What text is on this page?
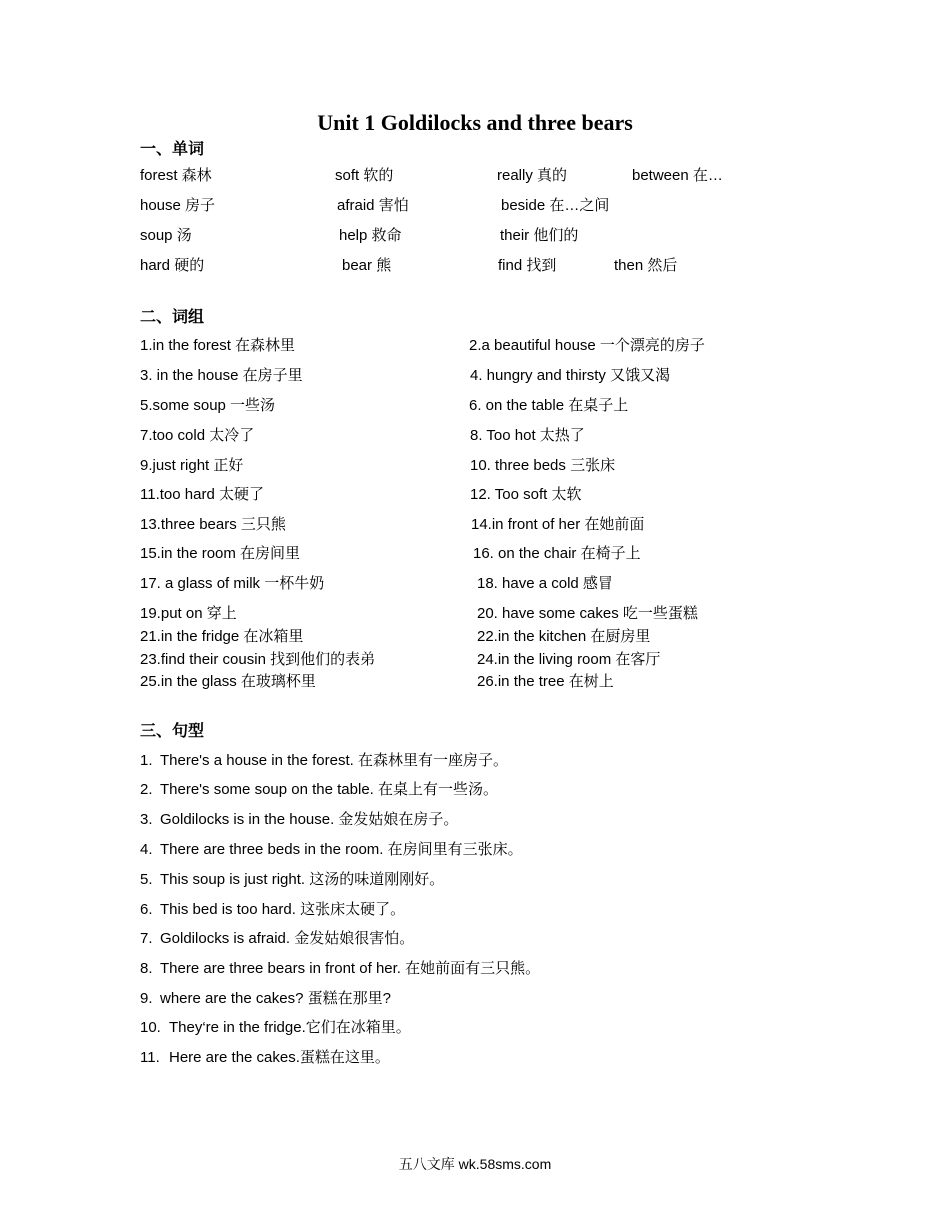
Unit 1 Goldilocks and three bears
一、单词
forest 森林	soft 软的	really 真的	between 在…
house 房子	afraid 害怕	beside 在…之间
soup 汤	help 救命	their 他们的
hard 硬的	bear 熊	find 找到	then 然后
二、词组
1.in the forest 在森林里	2.a beautiful house 一个漂亮的房子
3. in the house 在房子里	4. hungry and thirsty 又饿又渴
5.some soup 一些汤	6. on the table 在桌子上
7.too cold 太冷了	8. Too hot 太热了
9.just right 正好	10. three beds 三张床
11.too hard 太硬了	12. Too soft 太软
13.three bears 三只熊	14.in front of her 在她前面
15.in the room 在房间里	16. on the chair 在椅子上
17. a glass of milk 一杯牛奶	18. have a cold 感冒
19.put on 穿上	20. have some cakes 吃一些蛋糕
21.in the fridge 在冰箱里	22.in the kitchen 在厨房里
23.find their cousin 找到他们的表弟	24.in the living room 在客厅
25.in the glass 在玻璃杯里	26.in the tree 在树上
三、句型
1. There's a house in the forest. 在森林里有一座房子。
2. There's some soup on the table. 在桌上有一些汤。
3. Goldilocks is in the house. 金发姑娘在房子。
4. There are three beds in the room. 在房间里有三张床。
5. This soup is just right. 这汤的味道刚刚好。
6. This bed is too hard. 这张床太硬了。
7. Goldilocks is afraid. 金发姑娘很害怕。
8. There are three bears in front of her. 在她前面有三只熊。
9. where are the cakes? 蛋糕在那里?
10. They‘re in the fridge.它们在冰箱里。
11. Here are the cakes.蛋糕在这里。
五八文库 wk.58sms.com
